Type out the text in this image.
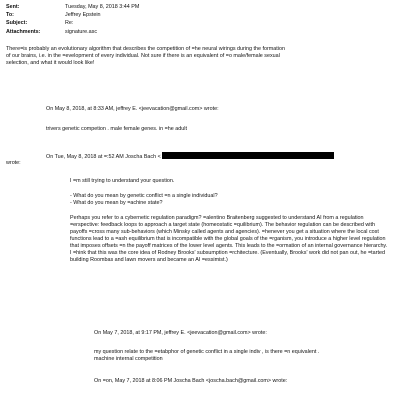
Sent:	Tuesday, May 8, 2018 3:44 PM
To:	Jeffrey Epstein
Subject:	Re:
Attachments:	signature.asc
There=is probably an evolutionary algorithm that describes the competition of =he neural wirings during the formation
of our brains, i.e. in the =evelopment of every individual. Not sure if there is an equivalent of =o male/female sexual
selection, and what it would look like!
On May 8, 2018, at 8:33 AM, jeffrey E. <jeevacation@gmail.com> wrote:
trivers genetic competion . male female genes. in =he adult
On Tue, May 8, 2018 at =:52 AM Joscha Bach <
wrote:
I =m still trying to understand your question.
- What do you mean by genetic conflict =n a single individual?
- What do you mean by =achine state?

Perhaps you refer to a cybernetic regulation paradigm? =alentino Braitenberg suggested to understand AI from a regulation =erspective: feedback loops to approach a target state (homeostatic =quilibrium). The behavior regulation can be described with payoffs =cross many sub-behaviors (which Minsky called agents and agencies). =henever you get a situation where the local cost functions lead to a =ash equilibrium that is incompatible with the global goals of the =rganism, you introduce a higher level regulation that imposes offsets =n the payoff matrices of the lower level agents. This leads to the =ormation of an internal governance hierarchy.

I =hink that this was the core idea of Rodney Brooks' subsumption =rchitecture. (Eventually, Brooks' work did not pan out, he =tarted building Roombas and lawn movers and became an AI =essimist.)

On May 7, 2018, at 9:17 PM, jeffrey E. <jeevacation@gmail.com> wrote:
my question relate to the =etabphor of genetic conflict in a single indiv , is there =n equivalent .
machine internal competition
On =on, May 7, 2018 at 8:06 PM Joscha Bach <joscha.bach@gmail.com> wrote:
